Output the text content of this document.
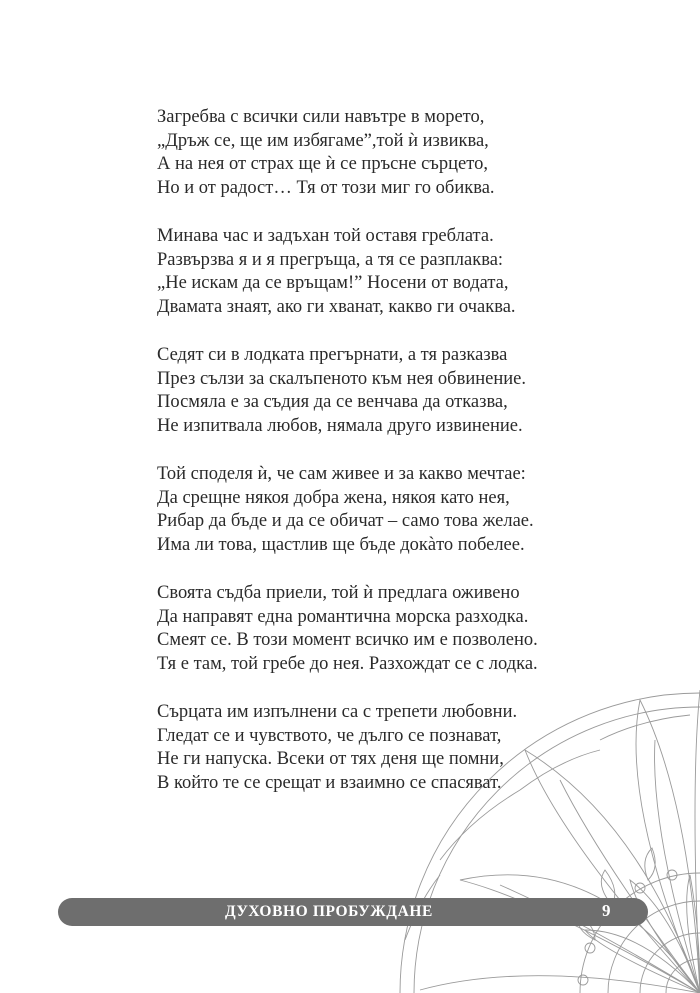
Загребва с всички сили навътре в морето,
„Дръж се, ще им избягаме”,той ѝ извиква,
А на нея от страх ще ѝ се пръсне сърцето,
Но и от радост… Тя от този миг го обиква.
Минава час и задъхан той оставя греблата.
Развързва я и я прегръща, а тя се разплаква:
„Не искам да се връщам!” Носени от водата,
Двамата знаят, ако ги хванат, какво ги очаква.
Седят си в лодката прегърнати, а тя разказва
През сълзи за скалъпеното към нея обвинение.
Посмяла е за съдия да се венчава да отказва,
Не изпитвала любов, нямала друго извинение.
Той споделя ѝ, че сам живее и за какво мечтае:
Да срещне някоя добра жена, някоя като нея,
Рибар да бъде и да се обичат – само това желае.
Има ли това, щастлив ще бъде докàто побелее.
Своята съдба приели, той ѝ предлага оживено
Да направят една романтична морска разходка.
Смеят се. В този момент всичко им е позволено.
Тя е там, той гребе до нея. Разхождат се с лодка.
Сърцата им изпълнени са с трепети любовни.
Гледат се и чувството, че дълго се познават,
Не ги напуска. Всеки от тях деня ще помни,
В който те се срещат и взаимно се спасяват.
ДУХОВНО ПРОБУЖДАНЕ	9
